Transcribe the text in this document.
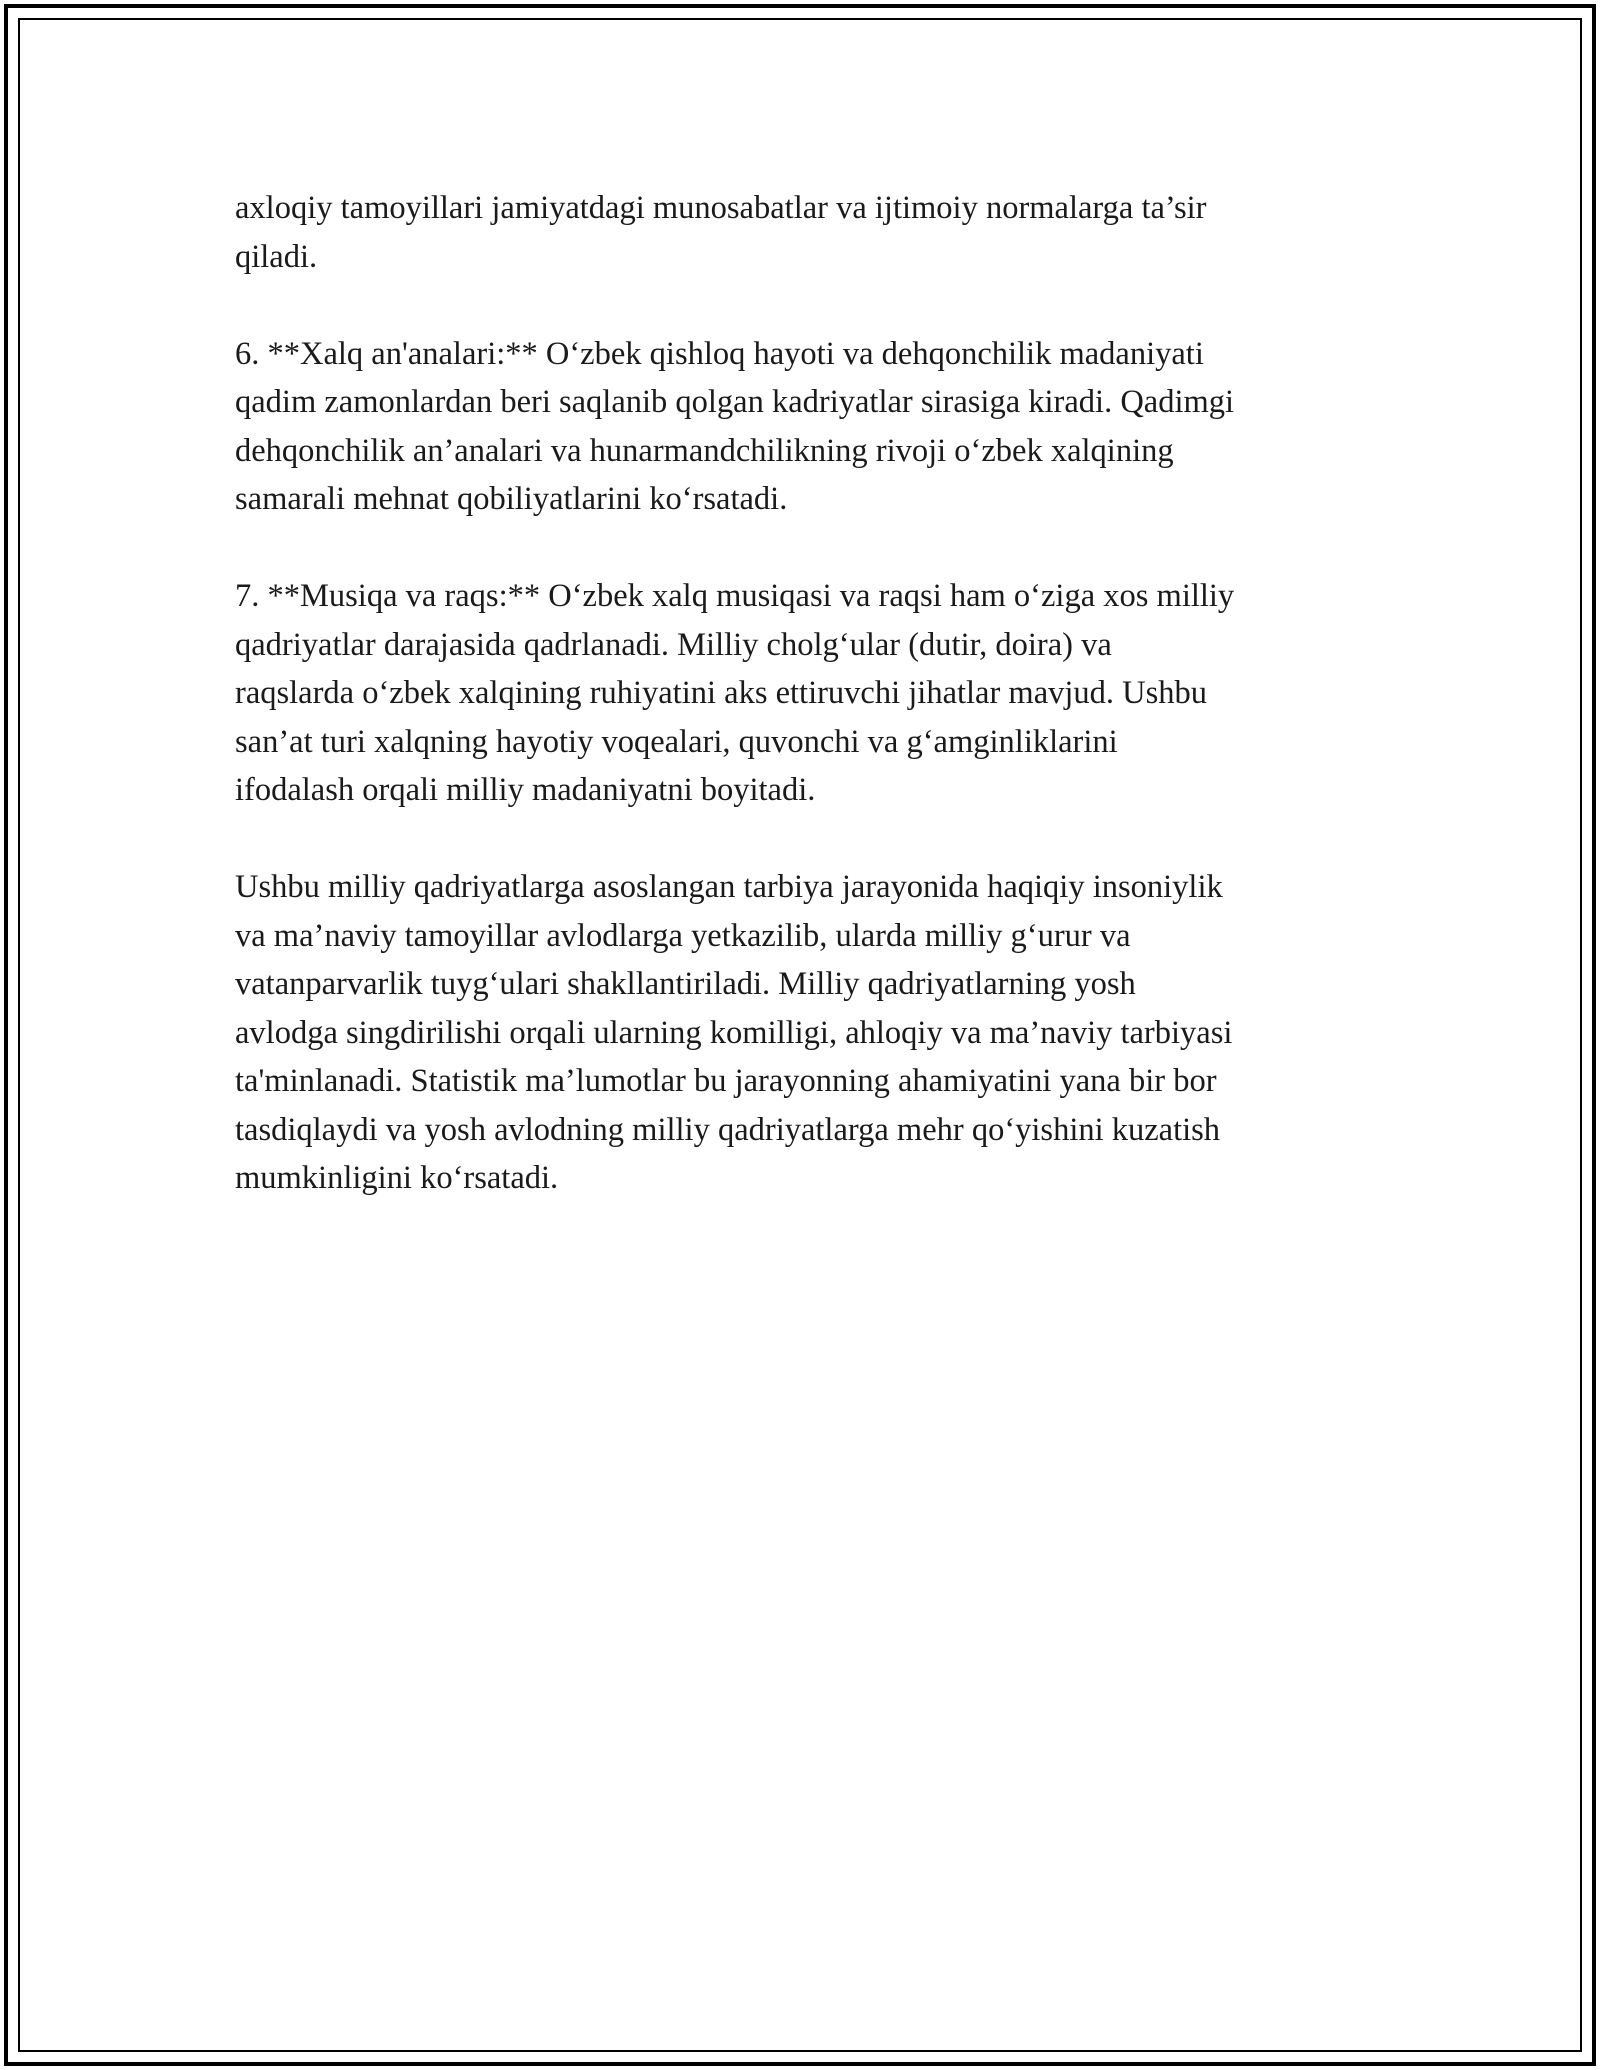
axloqiy tamoyillari jamiyatdagi munosabatlar va ijtimoiy normalarga ta’sir
qiladi.

6. **Xalq an'analari:** O‘zbek qishloq hayoti va dehqonchilik madaniyati
qadim zamonlardan beri saqlanib qolgan kadriyatlar sirasiga kiradi. Qadimgi
dehqonchilik an’analari va hunarmandchilikning rivoji o‘zbek xalqining
samarali mehnat qobiliyatlarini ko‘rsatadi.

7. **Musiqa va raqs:** O‘zbek xalq musiqasi va raqsi ham o‘ziga xos milliy
qadriyatlar darajasida qadrlanadi. Milliy cholg‘ular (dutir, doira) va
raqslarda o‘zbek xalqining ruhiyatini aks ettiruvchi jihatlar mavjud. Ushbu
san’at turi xalqning hayotiy voqealari, quvonchi va g‘amginliklarini
ifodalash orqali milliy madaniyatni boyitadi.

Ushbu milliy qadriyatlarga asoslangan tarbiya jarayonida haqiqiy insoniylik
va ma’naviy tamoyillar avlodlarga yetkazilib, ularda milliy g‘urur va
vatanparvarlik tuyg‘ulari shakllantiriladi. Milliy qadriyatlarning yosh
avlodga singdirilishi orqali ularning komilligi, ahloqiy va ma’naviy tarbiyasi
ta'minlanadi. Statistik ma’lumotlar bu jarayonning ahamiyatini yana bir bor
tasdiqlaydi va yosh avlodning milliy qadriyatlarga mehr qo‘yishini kuzatish
mumkinligini ko‘rsatadi.
